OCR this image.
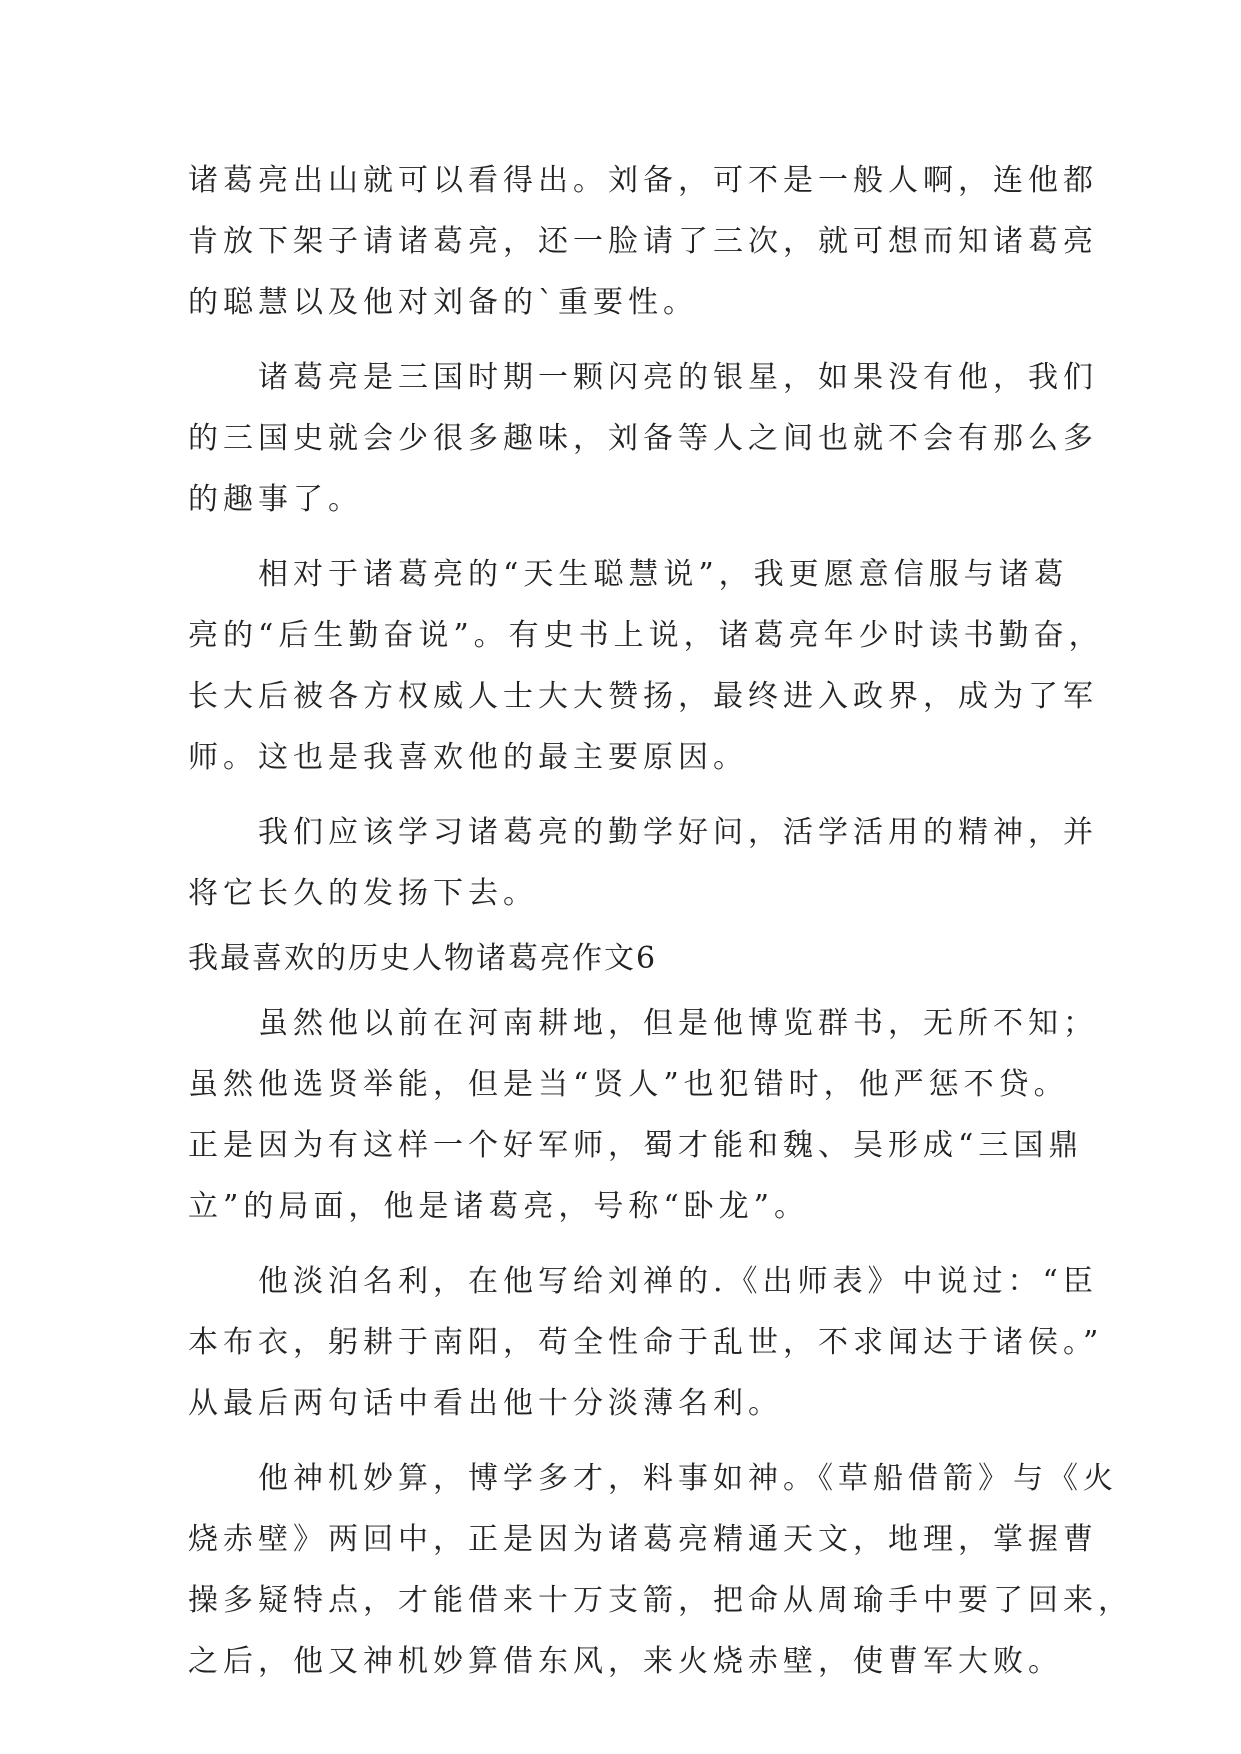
诸葛亮出山就可以看得出。刘备，可不是一般人啊，连他都
肯放下架子请诸葛亮，还一脸请了三次，就可想而知诸葛亮
的聪慧以及他对刘备的`重要性。
诸葛亮是三国时期一颗闪亮的银星，如果没有他，我们
的三国史就会少很多趣味，刘备等人之间也就不会有那么多
的趣事了。
相对于诸葛亮的“天生聪慧说”，我更愿意信服与诸葛
亮的“后生勤奋说”。有史书上说，诸葛亮年少时读书勤奋，
长大后被各方权威人士大大赞扬，最终进入政界，成为了军
师。这也是我喜欢他的最主要原因。
我们应该学习诸葛亮的勤学好问，活学活用的精神，并
将它长久的发扬下去。
我最喜欢的历史人物诸葛亮作文6
虽然他以前在河南耕地，但是他博览群书，无所不知；
虽然他选贤举能，但是当“贤人”也犯错时，他严惩不贷。
正是因为有这样一个好军师，蜀才能和魏、吴形成“三国鼎
立”的局面，他是诸葛亮，号称“卧龙”。
他淡泊名利，在他写给刘禅的.《出师表》中说过：“臣
本布衣，躬耕于南阳，苟全性命于乱世，不求闻达于诸侯。”
从最后两句话中看出他十分淡薄名利。
他神机妙算，博学多才，料事如神。《草船借箭》与《火
烧赤壁》两回中，正是因为诸葛亮精通天文，地理，掌握曹
操多疑特点，才能借来十万支箭，把命从周瑜手中要了回来，
之后，他又神机妙算借东风，来火烧赤壁，使曹军大败。
